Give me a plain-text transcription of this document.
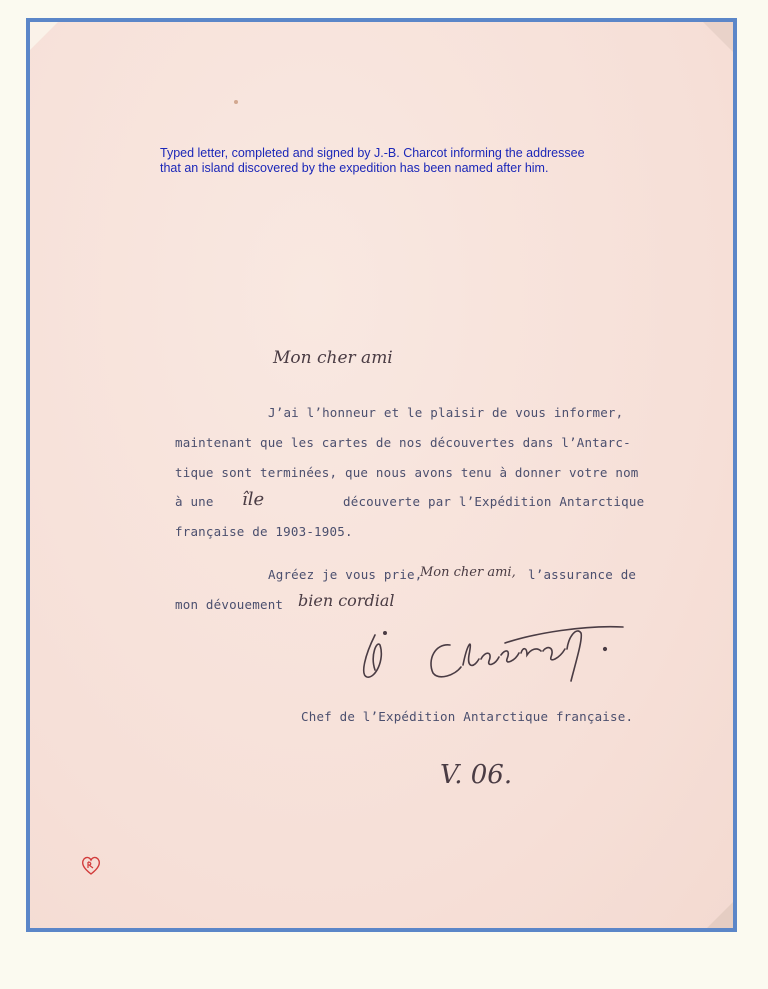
Typed letter, completed and signed by J.-B. Charcot informing the addressee
that an island discovered by the expedition has been named after him.
Mon cher ami
J’ai l’honneur et le plaisir de vous informer,
maintenant que les cartes de nos découvertes dans l’Antarc-
tique sont terminées, que nous avons tenu à donner votre nom
à une île	découverte par l’Expédition Antarctique
française de 1903-1905.
Agréez je vous prie,
Mon cher ami, l’assurance de
mon dévouement bien cordial
Chef de l’Expédition Antarctique française.
V. 06.
